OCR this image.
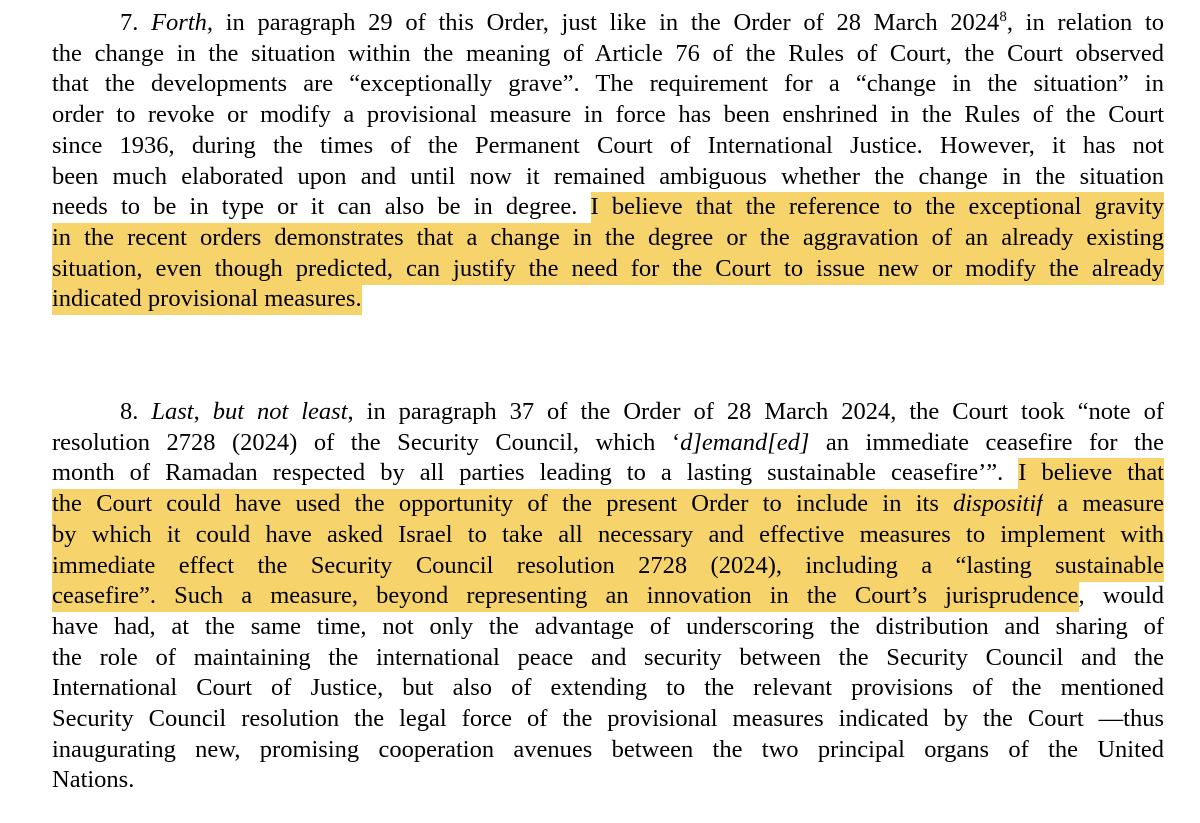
7. Forth, in paragraph 29 of this Order, just like in the Order of 28 March 2024$^8$, in relation to
the change in the situation within the meaning of Article 76 of the Rules of Court, the Court observed
that the developments are “exceptionally grave”. The requirement for a “change in the situation” in
order to revoke or modify a provisional measure in force has been enshrined in the Rules of the Court
since 1936, during the times of the Permanent Court of International Justice. However, it has not
been much elaborated upon and until now it remained ambiguous whether the change in the situation
needs to be in type or it can also be in degree. I believe that the reference to the exceptional gravity
in the recent orders demonstrates that a change in the degree or the aggravation of an already existing
situation, even though predicted, can justify the need for the Court to issue new or modify the already
indicated provisional measures.
8. Last, but not least, in paragraph 37 of the Order of 28 March 2024, the Court took “note of
resolution 2728 (2024) of the Security Council, which ‘d]emand[ed] an immediate ceasefire for the
month of Ramadan respected by all parties leading to a lasting sustainable ceasefire’”. I believe that
the Court could have used the opportunity of the present Order to include in its dispositif a measure
by which it could have asked Israel to take all necessary and effective measures to implement with
immediate effect the Security Council resolution 2728 (2024), including a “lasting sustainable
ceasefire”. Such a measure, beyond representing an innovation in the Court’s jurisprudence, would
have had, at the same time, not only the advantage of underscoring the distribution and sharing of
the role of maintaining the international peace and security between the Security Council and the
International Court of Justice, but also of extending to the relevant provisions of the mentioned
Security Council resolution the legal force of the provisional measures indicated by the Court —thus
inaugurating new, promising cooperation avenues between the two principal organs of the United
Nations.
